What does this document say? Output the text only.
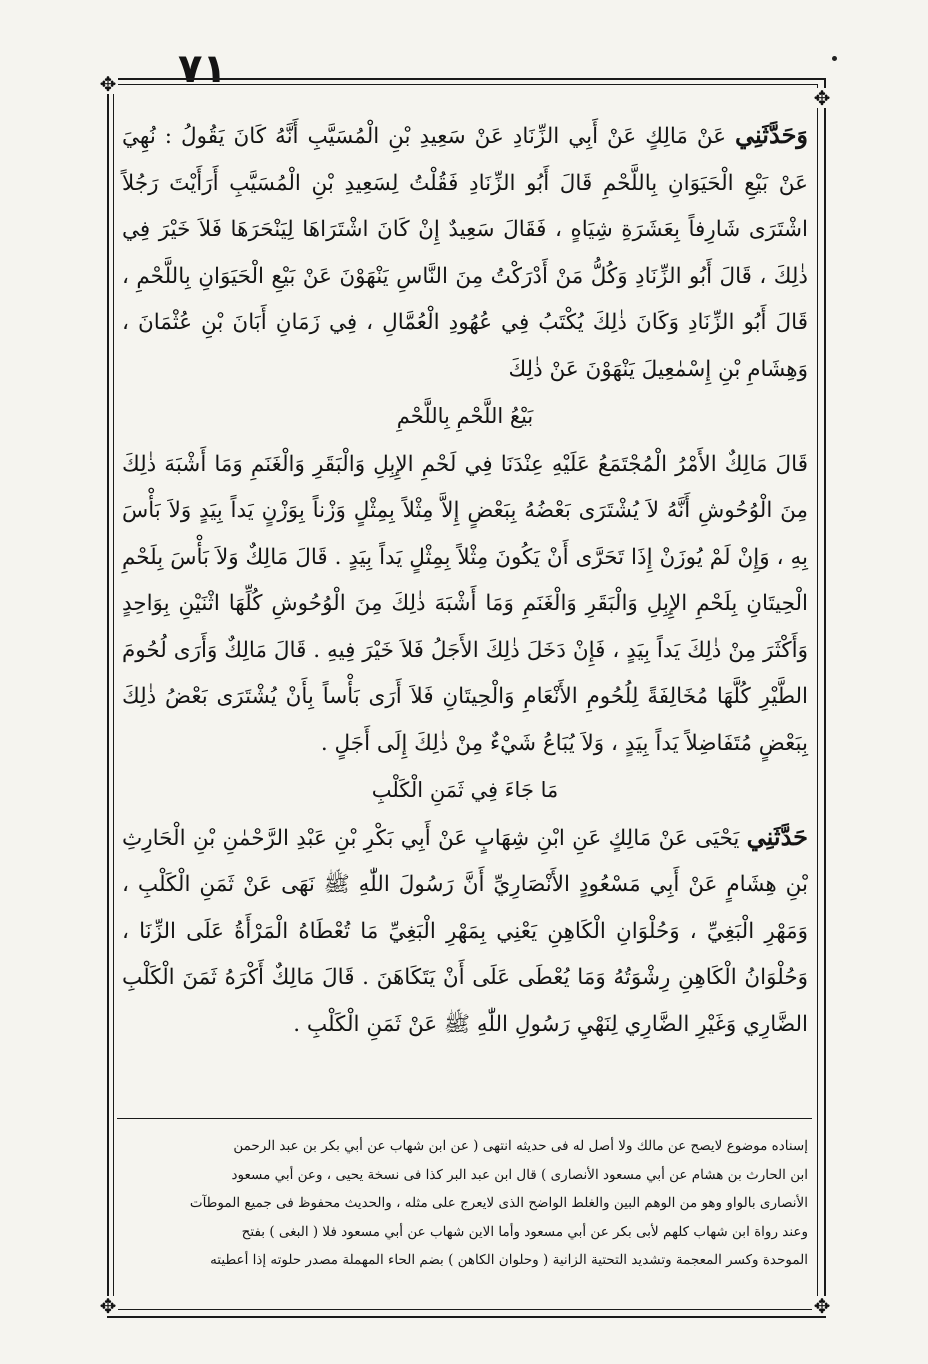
٧١
✥
✥
✥	✥

وَحَدَّثَنِي عَنْ مَالِكٍ عَنْ أَبِي الزِّنَادِ عَنْ سَعِيدِ بْنِ الْمُسَيَّبِ أَنَّهُ كَانَ يَقُولُ : نُهِيَ عَنْ بَيْعِ الْحَيَوَانِ بِاللَّحْمِ قَالَ أَبُو الزِّنَادِ فَقُلْتُ لِسَعِيدِ بْنِ الْمُسَيَّبِ أَرَأَيْتَ رَجُلاً اشْتَرَى شَارِفاً بِعَشَرَةِ شِيَاهٍ ، فَقَالَ سَعِيدٌ إِنْ كَانَ اشْتَرَاهَا لِيَنْحَرَهَا فَلاَ خَيْرَ فِي ذٰلِكَ ، قَالَ أَبُو الزِّنَادِ وَكُلُّ مَنْ أَدْرَكْتُ مِنَ النَّاسِ يَنْهَوْنَ عَنْ بَيْعِ الْحَيَوَانِ بِاللَّحْمِ ، قَالَ أَبُو الزِّنَادِ وَكَانَ ذٰلِكَ يُكْتَبُ فِي عُهُودِ الْعُمَّالِ ، فِي زَمَانِ أَبَانَ بْنِ عُثْمَانَ ، وَهِشَامِ بْنِ إِسْمٰعِيلَ يَنْهَوْنَ عَنْ ذٰلِكَ

بَيْعُ اللَّحْمِ بِاللَّحْمِ

قَالَ مَالِكٌ الأَمْرُ الْمُجْتَمَعُ عَلَيْهِ عِنْدَنَا فِي لَحْمِ الإِبِلِ وَالْبَقَرِ وَالْغَنَمِ وَمَا أَشْبَهَ ذٰلِكَ مِنَ الْوُحُوشِ أَنَّهُ لاَ يُشْتَرَى بَعْضُهُ بِبَعْضٍ إِلاَّ مِثْلاً بِمِثْلٍ وَزْناً بِوَزْنٍ يَداً بِيَدٍ وَلاَ بَأْسَ بِهِ ، وَإِنْ لَمْ يُوزَنْ إِذَا تَحَرَّى أَنْ يَكُونَ مِثْلاً بِمِثْلٍ يَداً بِيَدٍ . قَالَ مَالِكٌ وَلاَ بَأْسَ بِلَحْمِ الْحِيتَانِ بِلَحْمِ الإِبِلِ وَالْبَقَرِ وَالْغَنَمِ وَمَا أَشْبَهَ ذٰلِكَ مِنَ الْوُحُوشِ كُلِّهَا اثْنَيْنِ بِوَاحِدٍ وَأَكْثَرَ مِنْ ذٰلِكَ يَداً بِيَدٍ ، فَإِنْ دَخَلَ ذٰلِكَ الأَجَلُ فَلاَ خَيْرَ فِيهِ . قَالَ مَالِكٌ وَأَرَى لُحُومَ الطَّيْرِ كُلَّهَا مُخَالِفَةً لِلُحُومِ الأَنْعَامِ وَالْحِيتَانِ فَلاَ أَرَى بَأْساً بِأَنْ يُشْتَرَى بَعْضُ ذٰلِكَ بِبَعْضٍ مُتَفَاضِلاً يَداً بِيَدٍ ، وَلاَ يُبَاعُ شَيْءٌ مِنْ ذٰلِكَ إِلَى أَجَلٍ .

مَا جَاءَ فِي ثَمَنِ الْكَلْبِ

حَدَّثَنِي يَحْيَى عَنْ مَالِكٍ عَنِ ابْنِ شِهَابٍ عَنْ أَبِي بَكْرِ بْنِ عَبْدِ الرَّحْمٰنِ بْنِ الْحَارِثِ بْنِ هِشَامٍ عَنْ أَبِي مَسْعُودٍ الأَنْصَارِيِّ أَنَّ رَسُولَ اللّٰهِ ﷺ نَهَى عَنْ ثَمَنِ الْكَلْبِ ، وَمَهْرِ الْبَغِيِّ ، وَحُلْوَانِ الْكَاهِنِ يَعْنِي بِمَهْرِ الْبَغِيِّ مَا تُعْطَاهُ الْمَرْأَةُ عَلَى الزِّنَا ، وَحُلْوَانُ الْكَاهِنِ رِشْوَتُهُ وَمَا يُعْطَى عَلَى أَنْ يَتَكَاهَنَ . قَالَ مَالِكٌ أَكْرَهُ ثَمَنَ الْكَلْبِ الضَّارِي وَغَيْرِ الضَّارِي لِنَهْيِ رَسُولِ اللّٰهِ ﷺ عَنْ ثَمَنِ الْكَلْبِ .

إسناده موضوع لايصح عن مالك ولا أصل له فى حديثه انتهى ( عن ابن شهاب عن أبي بكر بن عبد الرحمن

ابن الحارث بن هشام عن أبي مسعود الأنصارى ) قال ابن عبد البر كذا فى نسخة يحيى ، وعن أبي مسعود

الأنصارى بالواو وهو من الوهم البين والغلط الواضح الذى لايعرج على مثله ، والحديث محفوظ فى جميع الموطآت

وعند رواة ابن شهاب كلهم لأبى بكر عن أبي مسعود وأما الاين شهاب عن أبي مسعود فلا ( البغى ) بفتح

الموحدة وكسر المعجمة وتشديد التحتية الزانية ( وحلوان الكاهن ) بضم الحاء المهملة مصدر حلوته إذا أعطيته
